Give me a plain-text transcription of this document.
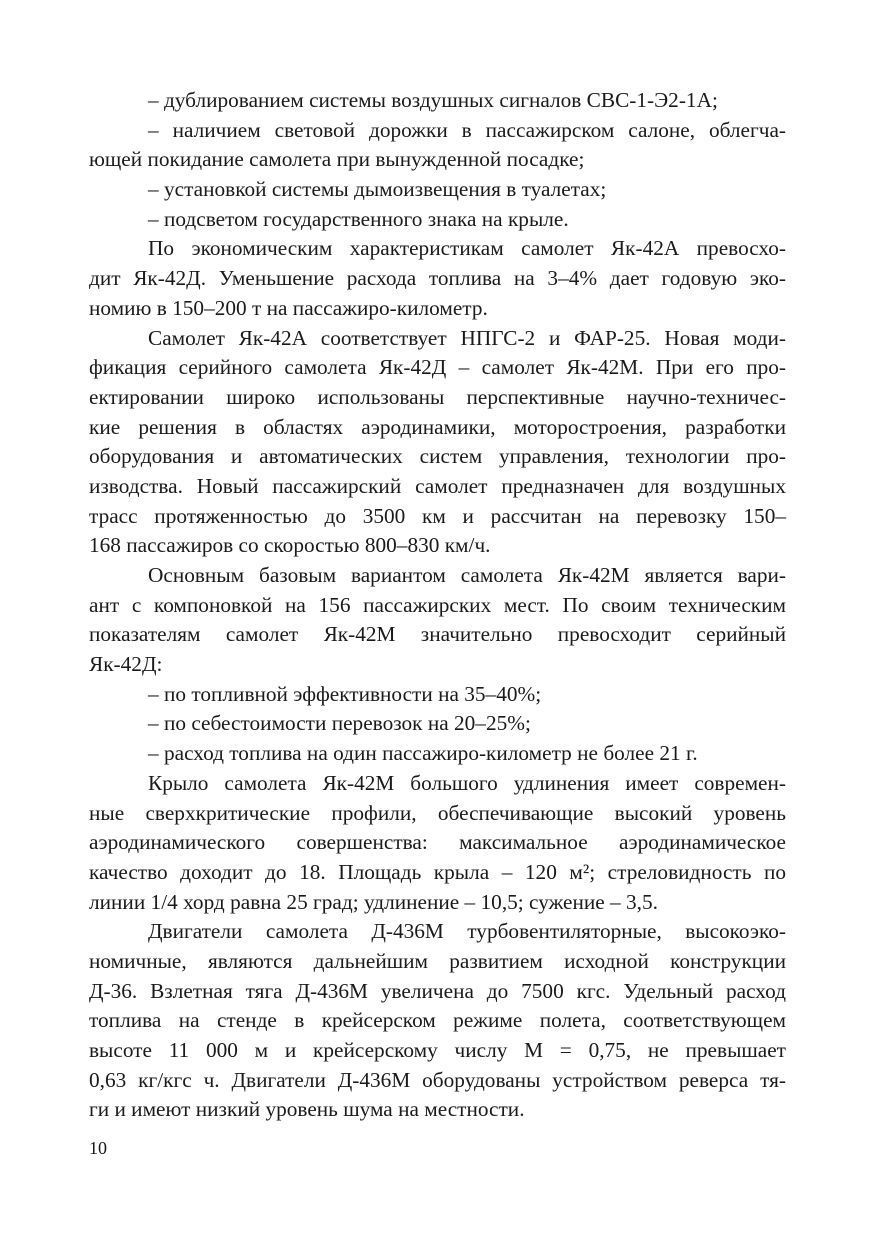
– дублированием системы воздушных сигналов СВС-1-Э2-1А;
– наличием световой дорожки в пассажирском салоне, облегча-
ющей покидание самолета при вынужденной посадке;
– установкой системы дымоизвещения в туалетах;
– подсветом государственного знака на крыле.
По экономическим характеристикам самолет Як-42А превосхо-
дит Як-42Д. Уменьшение расхода топлива на 3–4% дает годовую эко-
номию в 150–200 т на пассажиро-километр.
Самолет Як-42А соответствует НПГС-2 и ФАР-25. Новая моди-
фикация серийного самолета Як-42Д – самолет Як-42М. При его про-
ектировании широко использованы перспективные научно-техничес-
кие решения в областях аэродинамики, моторостроения, разработки
оборудования и автоматических систем управления, технологии про-
изводства. Новый пассажирский самолет предназначен для воздушных
трасс протяженностью до 3500 км и рассчитан на перевозку 150–
168 пассажиров со скоростью 800–830 км/ч.
Основным базовым вариантом самолета Як-42М является вари-
ант с компоновкой на 156 пассажирских мест. По своим техническим
показателям самолет Як-42М значительно превосходит серийный
Як-42Д:
– по топливной эффективности на 35–40%;
– по себестоимости перевозок на 20–25%;
– расход топлива на один пассажиро-километр не более 21 г.
Крыло самолета Як-42М большого удлинения имеет современ-
ные сверхкритические профили, обеспечивающие высокий уровень
аэродинамического совершенства: максимальное аэродинамическое
качество доходит до 18. Площадь крыла – 120 м²; стреловидность по
линии 1/4 хорд равна 25 град; удлинение – 10,5; сужение – 3,5.
Двигатели самолета Д-436М турбовентиляторные, высокоэко-
номичные, являются дальнейшим развитием исходной конструкции
Д-36. Взлетная тяга Д-436М увеличена до 7500 кгс. Удельный расход
топлива на стенде в крейсерском режиме полета, соответствующем
высоте 11 000 м и крейсерскому числу М = 0,75, не превышает
0,63 кг/кгс ч. Двигатели Д-436М оборудованы устройством реверса тя-
ги и имеют низкий уровень шума на местности.
10
